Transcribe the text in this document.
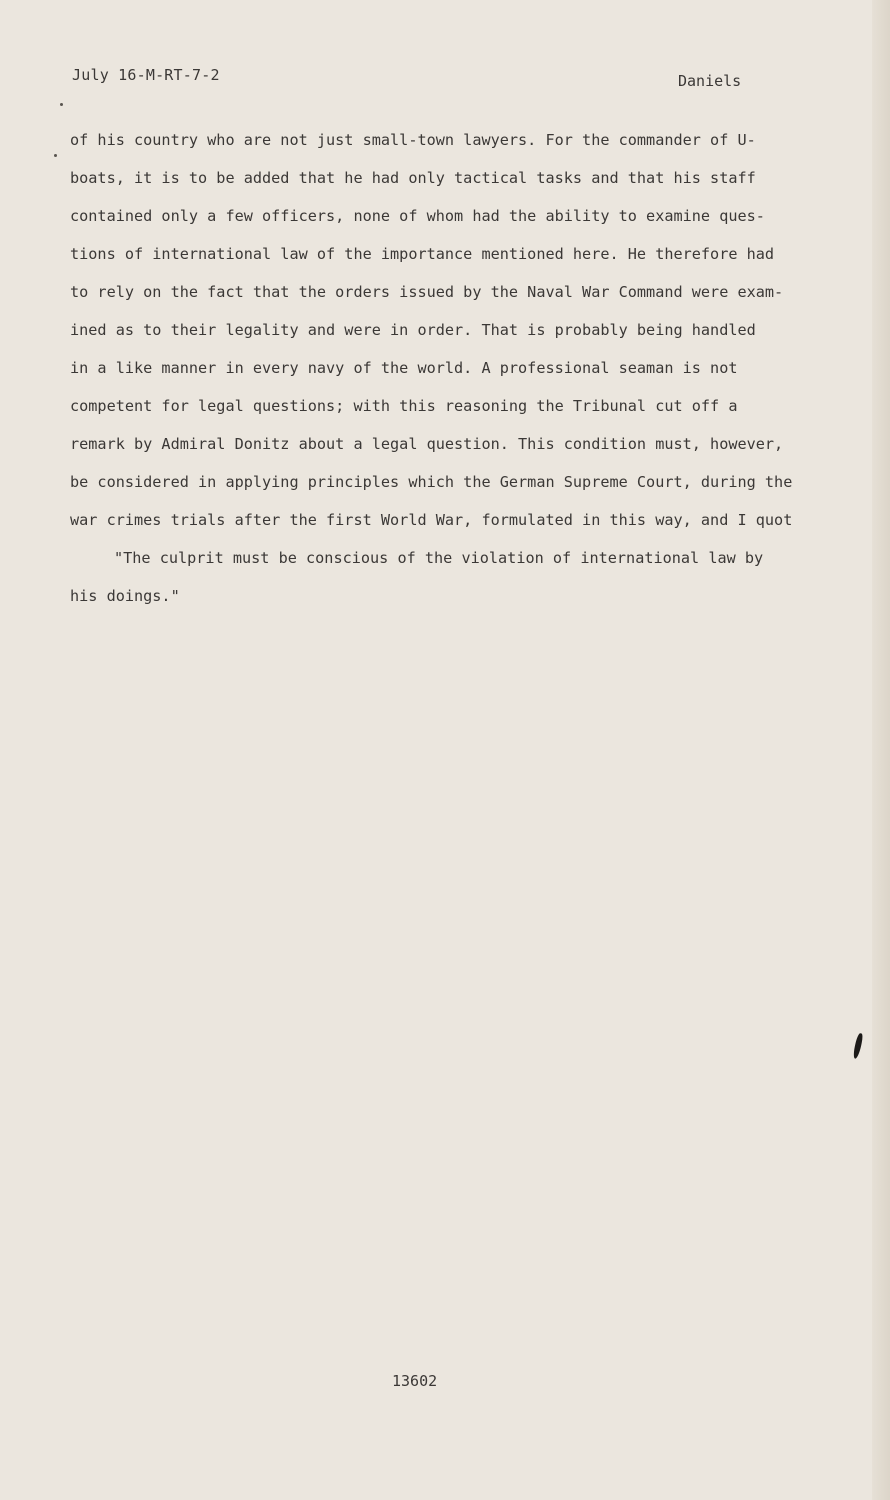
July 16-M-RT-7-2	Daniels
of his country who are not just small-town lawyers. For the commander of U-
boats, it is to be added that he had only tactical tasks and that his staff
contained only a few officers, none of whom had the ability to examine ques-
tions of international law of the importance mentioned here. He therefore had
to rely on the fact that the orders issued by the Naval War Command were exam-
ined as to their legality and were in order. That is probably being handled
in a like manner in every navy of the world. A professional seaman is not
competent for legal questions; with this reasoning the Tribunal cut off a
remark by Admiral Donitz about a legal question. This condition must, however,
be considered in applying principles which the German Supreme Court, during the
war crimes trials after the first World War, formulated in this way, and I quot
"The culprit must be conscious of the violation of international law by
his doings."
13602
